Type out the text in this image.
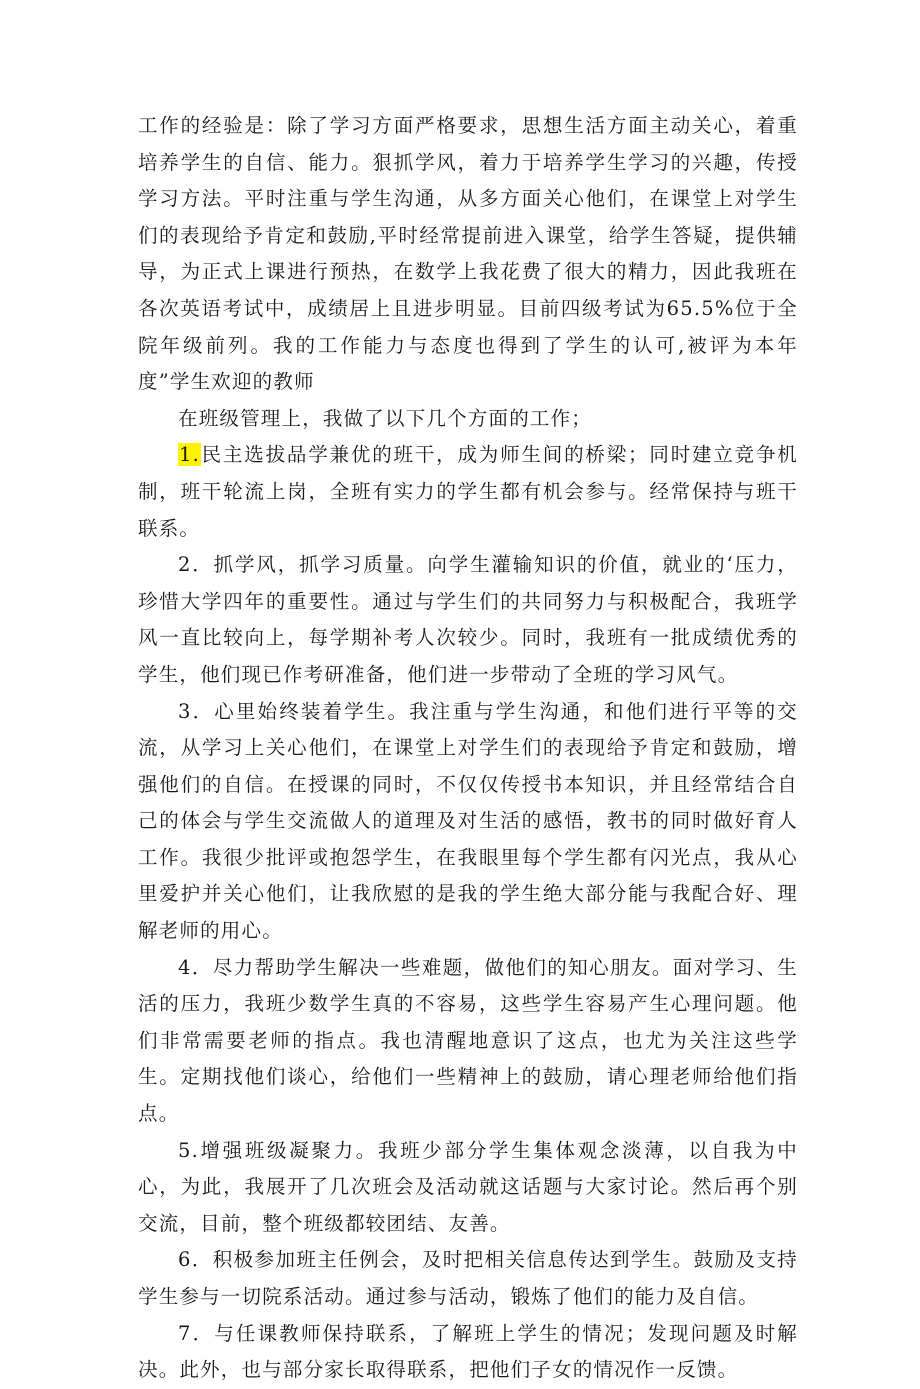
工作的经验是：除了学习方面严格要求，思想生活方面主动关心，着重培养学生的自信、能力。狠抓学风，着力于培养学生学习的兴趣，传授学习方法。平时注重与学生沟通，从多方面关心他们，在课堂上对学生们的表现给予肯定和鼓励,平时经常提前进入课堂，给学生答疑，提供辅导，为正式上课进行预热，在数学上我花费了很大的精力，因此我班在各次英语考试中，成绩居上且进步明显。目前四级考试为65.5%位于全院年级前列。我的工作能力与态度也得到了学生的认可,被评为本年度”学生欢迎的教师

在班级管理上，我做了以下几个方面的工作；

1.民主选拔品学兼优的班干，成为师生间的桥梁；同时建立竞争机制，班干轮流上岗，全班有实力的学生都有机会参与。经常保持与班干联系。

2．抓学风，抓学习质量。向学生灌输知识的价值，就业的‘压力，珍惜大学四年的重要性。通过与学生们的共同努力与积极配合，我班学风一直比较向上，每学期补考人次较少。同时，我班有一批成绩优秀的学生，他们现已作考研准备，他们进一步带动了全班的学习风气。

3．心里始终装着学生。我注重与学生沟通，和他们进行平等的交流，从学习上关心他们，在课堂上对学生们的表现给予肯定和鼓励，增强他们的自信。在授课的同时，不仅仅传授书本知识，并且经常结合自己的体会与学生交流做人的道理及对生活的感悟，教书的同时做好育人工作。我很少批评或抱怨学生，在我眼里每个学生都有闪光点，我从心里爱护并关心他们，让我欣慰的是我的学生绝大部分能与我配合好、理解老师的用心。

4．尽力帮助学生解决一些难题，做他们的知心朋友。面对学习、生活的压力，我班少数学生真的不容易，这些学生容易产生心理问题。他们非常需要老师的指点。我也清醒地意识了这点，也尤为关注这些学生。定期找他们谈心，给他们一些精神上的鼓励，请心理老师给他们指点。

5.增强班级凝聚力。我班少部分学生集体观念淡薄，以自我为中心，为此，我展开了几次班会及活动就这话题与大家讨论。然后再个别交流，目前，整个班级都较团结、友善。

6．积极参加班主任例会，及时把相关信息传达到学生。鼓励及支持学生参与一切院系活动。通过参与活动，锻炼了他们的能力及自信。

7．与任课教师保持联系，了解班上学生的情况；发现问题及时解决。此外，也与部分家长取得联系，把他们子女的情况作一反馈。
